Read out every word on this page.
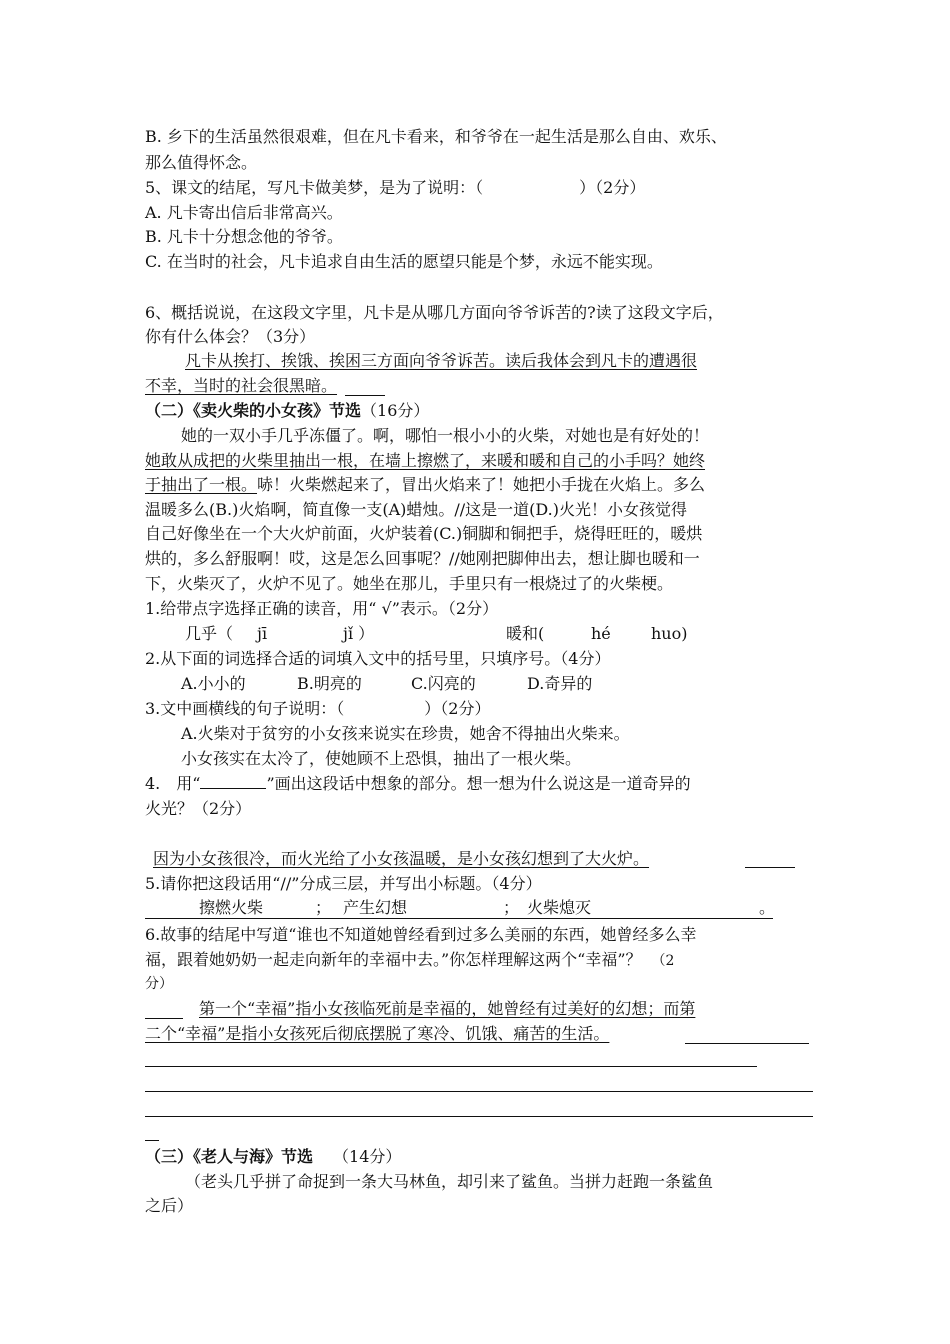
B. 乡下的生活虽然很艰难，但在凡卡看来，和爷爷在一起生活是那么自由、欢乐、
那么值得怀念。
5、课文的结尾，写凡卡做美梦，是为了说明：（　　　　　　）（2分）
A. 凡卡寄出信后非常高兴。
B. 凡卡十分想念他的爷爷。
C. 在当时的社会，凡卡追求自由生活的愿望只能是个梦，永远不能实现。
6、概括说说，在这段文字里，凡卡是从哪几方面向爷爷诉苦的?读了这段文字后，
你有什么体会？（3分）
凡卡从挨打、挨饿、挨困三方面向爷爷诉苦。读后我体会到凡卡的遭遇很
不幸，当时的社会很黑暗。
（二）《卖火柴的小女孩》节选（16分）
她的一双小手几乎冻僵了。啊，哪怕一根小小的火柴，对她也是有好处的！
她敢从成把的火柴里抽出一根，在墙上擦燃了，来暖和暖和自己的小手吗？她终
于抽出了一根。哧！火柴燃起来了，冒出火焰来了！她把小手拢在火焰上。多么
温暖多么(B.)火焰啊，简直像一支(A)蜡烛。//这是一道(D.)火光！小女孩觉得
自己好像坐在一个大火炉前面，火炉装着(C.)铜脚和铜把手，烧得旺旺的，暖烘
烘的，多么舒服啊！哎，这是怎么回事呢？//她刚把脚伸出去，想让脚也暖和一
下，火柴灭了，火炉不见了。她坐在那儿，手里只有一根烧过了的火柴梗。
1.给带点字选择正确的读音，用“ √”表示。（2分）
几乎（ jī	jǐ ）	暖和(	hé	huo)
2.从下面的词选择合适的词填入文中的括号里，只填序号。（4分）
A.小小的	B.明亮的	C.闪亮的	D.奇异的
3.文中画横线的句子说明：（　　　　　）（2分）
A.火柴对于贫穷的小女孩来说实在珍贵，她舍不得抽出火柴来。
小女孩实在太冷了，使她顾不上恐惧，抽出了一根火柴。
4.　用“	”画出这段话中想象的部分。想一想为什么说这是一道奇异的
火光？（2分）
因为小女孩很冷，而火光给了小女孩温暖，是小女孩幻想到了大火炉。
5.请你把这段话用“//”分成三层，并写出小标题。（4分）
擦燃火柴	； 产生幻想	； 火柴熄灭	。
6.故事的结尾中写道“谁也不知道她曾经看到过多么美丽的东西，她曾经多么幸
福，跟着她奶奶一起走向新年的幸福中去。”你怎样理解这两个“幸福”？ （2
分）
第一个“幸福”指小女孩临死前是幸福的，她曾经有过美好的幻想；而第
二个“幸福”是指小女孩死后彻底摆脱了寒冷、饥饿、痛苦的生活。
（三）《老人与海》节选 （14分）
（老头几乎拼了命捉到一条大马林鱼，却引来了鲨鱼。当拼力赶跑一条鲨鱼
之后）
